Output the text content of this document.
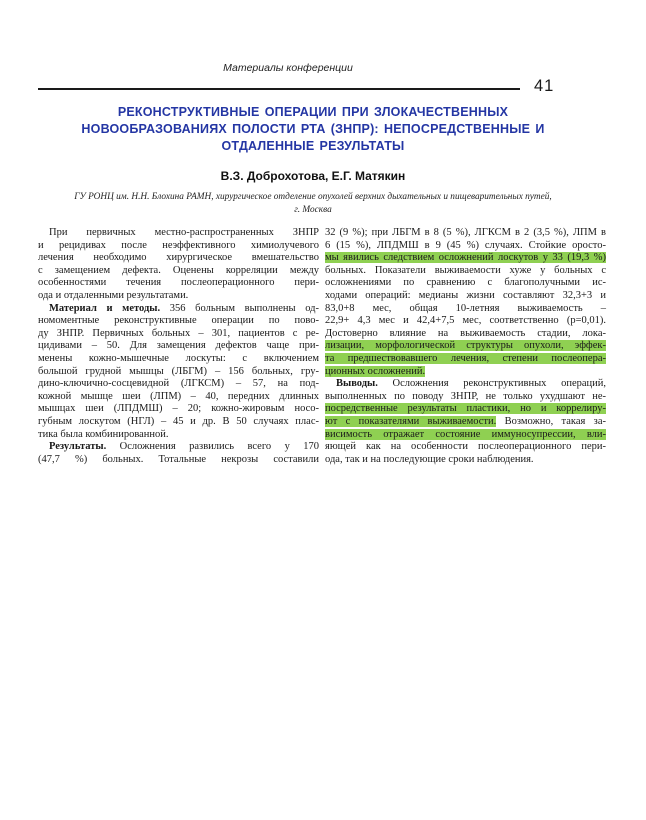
Материалы конференции
41
РЕКОНСТРУКТИВНЫЕ ОПЕРАЦИИ ПРИ ЗЛОКАЧЕСТВЕННЫХ
НОВООБРАЗОВАНИЯХ ПОЛОСТИ РТА (ЗНПР): НЕПОСРЕДСТВЕННЫЕ И
ОТДАЛЕННЫЕ РЕЗУЛЬТАТЫ
В.З. Доброхотова, Е.Г. Матякин
ГУ РОНЦ им. Н.Н. Блохина РАМН, хирургическое отделение опухолей верхних дыхательных и пищеварительных путей,
г. Москва
При первичных местно-распространенных ЗНПР
и рецидивах после неэффективного химиолучевого
лечения необходимо хирургическое вмешательство
с замещением дефекта. Оценены корреляции между
особенностями течения послеоперационного пери-
ода и отдаленными результатами.
Материал и методы. 356 больным выполнены од-
номоментные реконструктивные операции по пово-
ду ЗНПР. Первичных больных – 301, пациентов с ре-
цидивами – 50. Для замещения дефектов чаще при-
менены кожно-мышечные лоскуты: с включением
большой грудной мышцы (ЛБГМ) – 156 больных, гру-
дино-ключично-сосцевидной (ЛГКСМ) – 57, на под-
кожной мышце шеи (ЛПМ) – 40, передних длинных
мышцах шеи (ЛПДМШ) – 20; кожно-жировым носо-
губным лоскутом (НГЛ) – 45 и др. В 50 случаях плас-
тика была комбинированной.
Результаты. Осложнения развились всего у 170
(47,7 %) больных. Тотальные некрозы составили
32 (9 %); при ЛБГМ в 8 (5 %), ЛГКСМ в 2 (3,5 %), ЛПМ в
6 (15 %), ЛПДМШ в 9 (45 %) случаях. Стойкие оросто-
мы явились следствием осложнений лоскутов у 33 (19,3 %)
больных. Показатели выживаемости хуже у больных с
осложнениями по сравнению с благополучными ис-
ходами операций: медианы жизни составляют 32,3+3 и
83,0+8 мес, общая 10-летняя выживаемость –
22,9+ 4,3 мес и 42,4+7,5 мес, соответственно (р=0,01).
Достоверно влияние на выживаемость стадии, лока-
лизации, морфологической структуры опухоли, эффек-
та предшествовавшего лечения, степени послеопера-
ционных осложнений.
Выводы. Осложнения реконструктивных операций,
выполненных по поводу ЗНПР, не только ухудшают не-
посредственные результаты пластики, но и коррелиру-
ют с показателями выживаемости. Возможно, такая за-
висимость отражает состояние иммуносупрессии, вли-
яющей как на особенности послеоперационного пери-
ода, так и на последующие сроки наблюдения.
